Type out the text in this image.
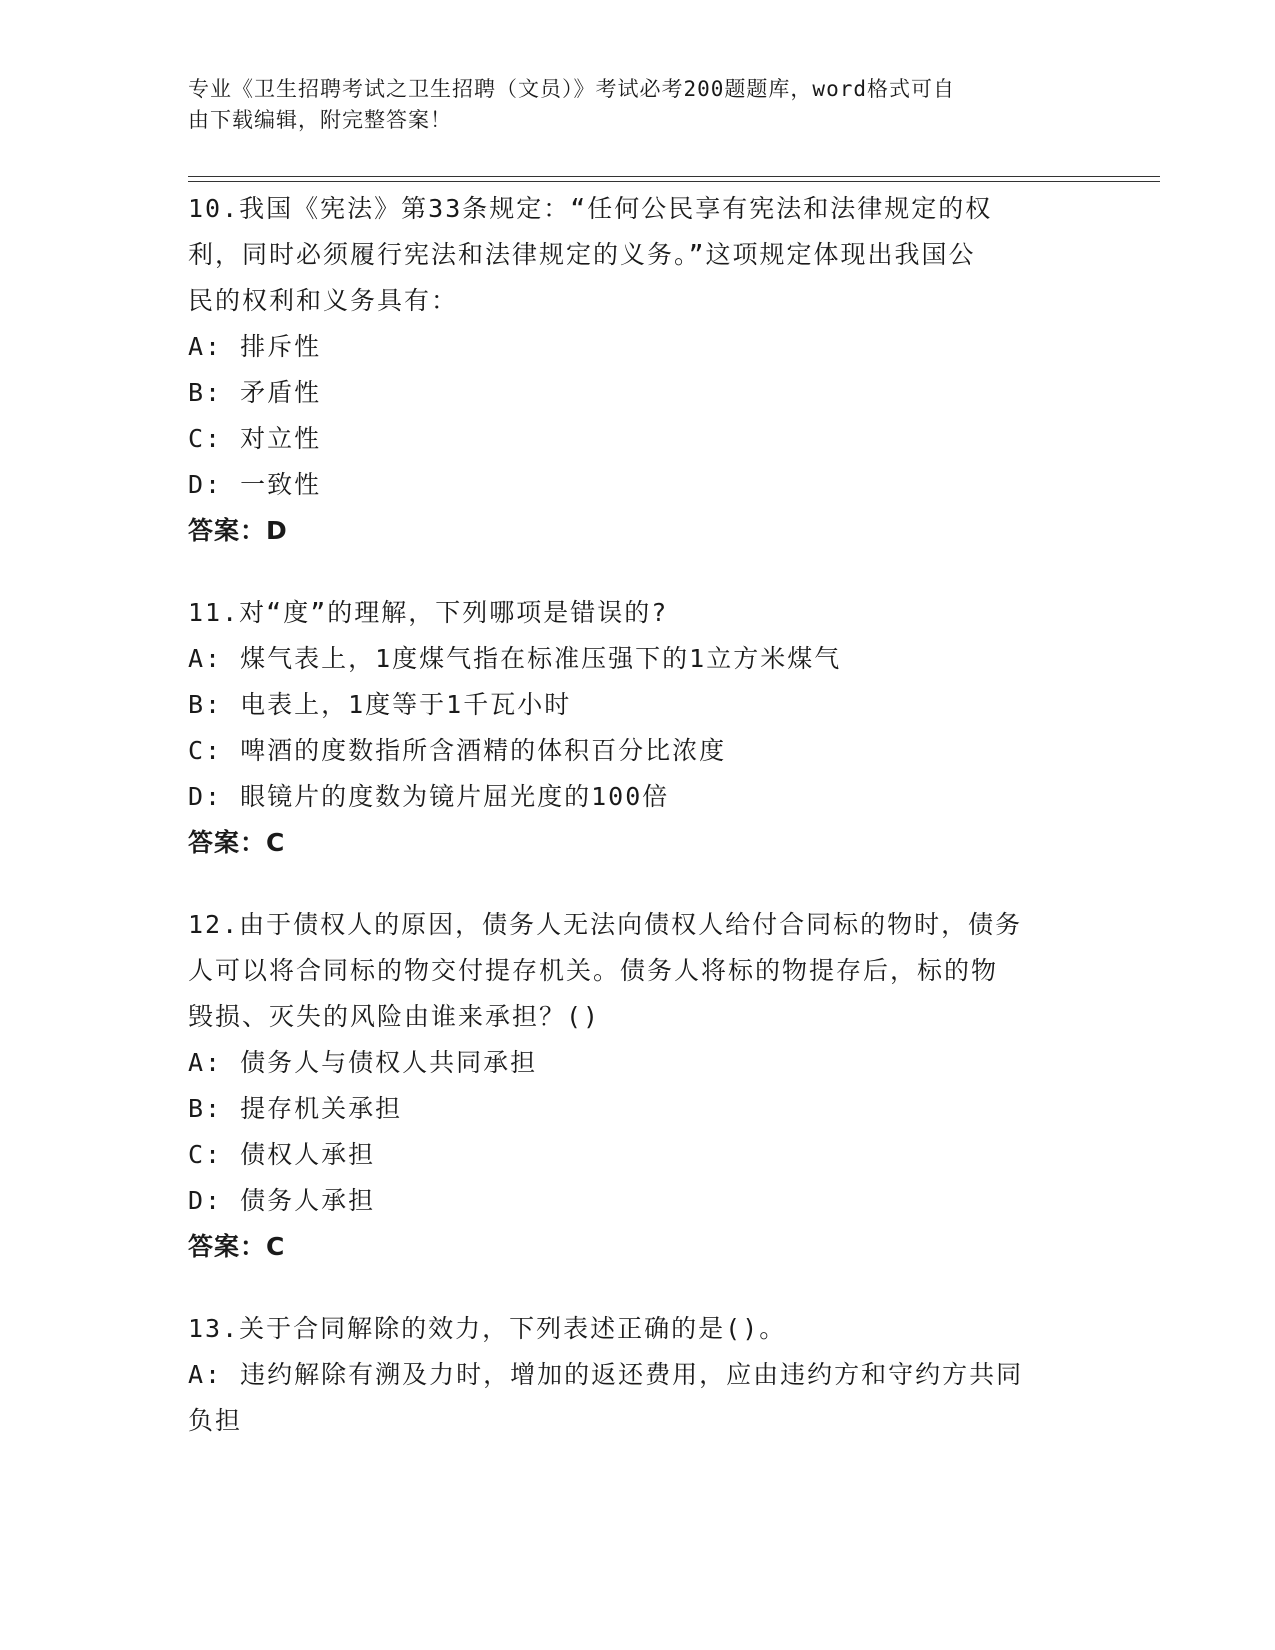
专业《卫生招聘考试之卫生招聘（文员）》考试必考200题题库，word格式可自
由下载编辑，附完整答案！
10.我国《宪法》第33条规定：“任何公民享有宪法和法律规定的权
利，同时必须履行宪法和法律规定的义务。”这项规定体现出我国公
民的权利和义务具有：
A: 排斥性
B: 矛盾性
C: 对立性
D: 一致性
答案：D
11.对“度”的理解，下列哪项是错误的?
A: 煤气表上，1度煤气指在标准压强下的1立方米煤气
B: 电表上，1度等于1千瓦小时
C: 啤酒的度数指所含酒精的体积百分比浓度
D: 眼镜片的度数为镜片屈光度的100倍
答案：C
12.由于债权人的原因，债务人无法向债权人给付合同标的物时，债务
人可以将合同标的物交付提存机关。债务人将标的物提存后，标的物
毁损、灭失的风险由谁来承担？()
A: 债务人与债权人共同承担
B: 提存机关承担
C: 债权人承担
D: 债务人承担
答案：C
13.关于合同解除的效力，下列表述正确的是()。
A: 违约解除有溯及力时，增加的返还费用，应由违约方和守约方共同
负担
